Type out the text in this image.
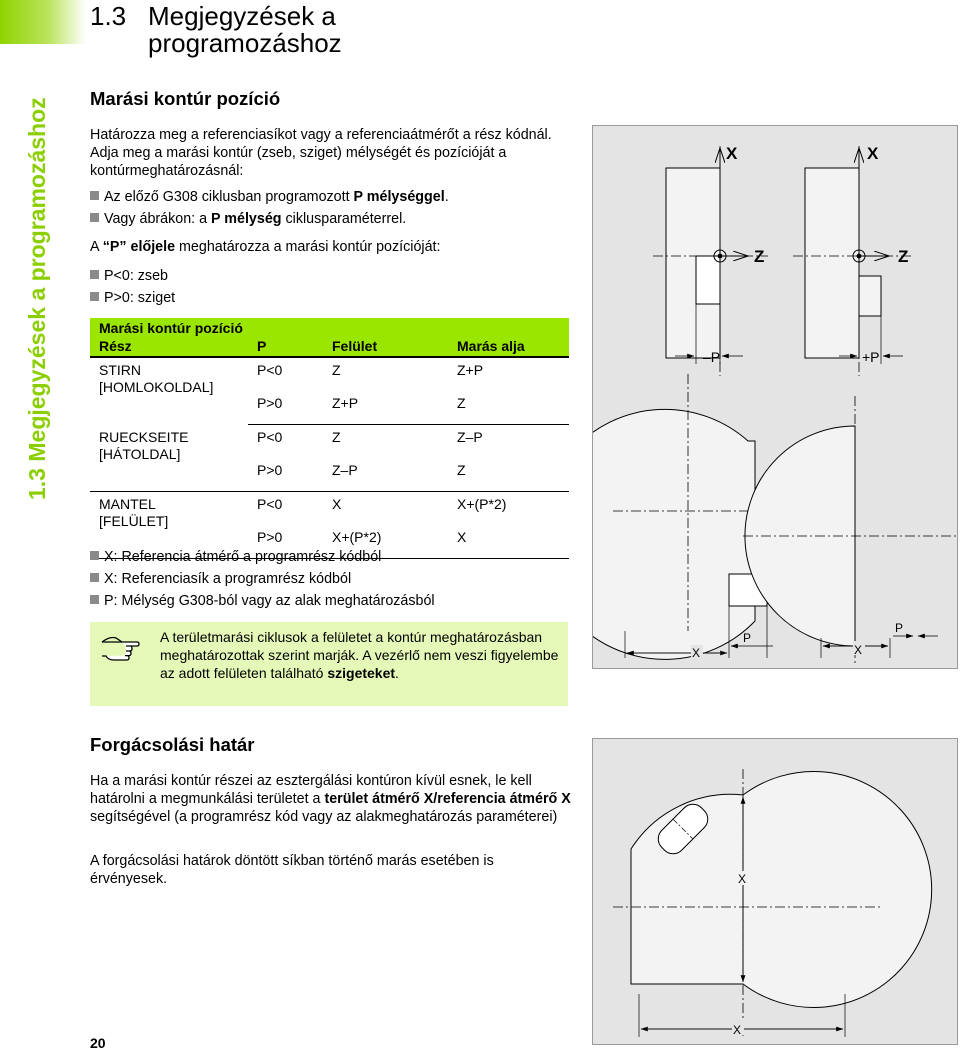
1.3 Megjegyzések a programozáshoz
1.3 Megjegyzések a
programozáshoz
Marási kontúr pozíció
Határozza meg a referenciasíkot vagy a referenciaátmérőt a rész kódnál. Adja meg a marási kontúr (zseb, sziget) mélységét és pozícióját a kontúrmeghatározásnál:
Az előző G308 ciklusban programozott P mélységgel.
Vagy ábrákon: a P mélység ciklusparaméterrel.
A “P” előjele meghatározza a marási kontúr pozícióját:
P<0: zseb
P>0: sziget
Marási kontúr pozíció			
Rész	P	Felület	Marás alja
STIRN
[HOMLOKOLDAL]	P<0	Z	Z+P
	P>0	Z+P	Z
RUECKSEITE
[HÁTOLDAL]	P<0	Z	Z–P
	P>0	Z–P	Z
MANTEL
[FELÜLET]	P<0	X	X+(P*2)
	P>0	X+(P*2)	X
X: Referencia átmérő a programrész kódból
X: Referenciasík a programrész kódból
P: Mélység G308-ból vagy az alak meghatározásból
A területmarási ciklusok a felületet a kontúr meghatározásban meghatározottak szerint marják. A vezérlő nem veszi figyelembe az adott felületen található szigeteket.
Forgácsolási határ
Ha a marási kontúr részei az esztergálási kontúron kívül esnek, le kell határolni a megmunkálási területet a terület átmérő X/referencia átmérő X segítségével (a programrész kód vagy az alakmeghatározás paraméterei)
A forgácsolási határok döntött síkban történő marás esetében is érvényesek.
X
Z
–P
X
Z
+P
P
X	X
P
X
X
20
